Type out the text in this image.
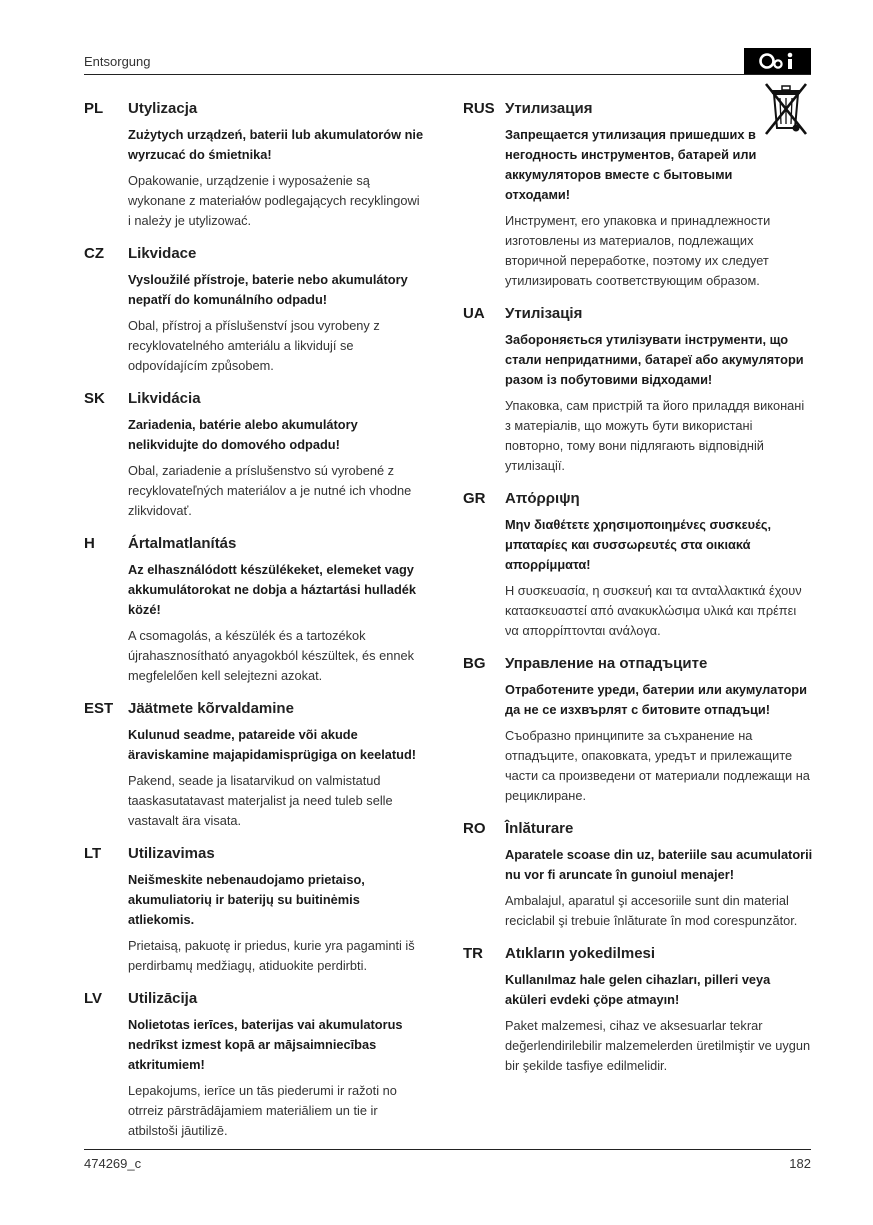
Entsorgung
PL	Utylizacja
Zużytych urządzeń, baterii lub akumulatorów nie wyrzucać do śmietnika!
Opakowanie, urządzenie i wyposażenie są wykonane z materiałów podlegających recyklingowi i należy je utylizować.
CZ	Likvidace
Vysloužilé přístroje, baterie nebo akumulátory nepatří do komunálního odpadu!
Obal, přístroj a příslušenství jsou vyrobeny z recyklovatelného amteriálu a likvidují se odpovídajícím způsobem.
SK	Likvidácia
Zariadenia, batérie alebo akumulátory nelikvidujte do domového odpadu!
Obal, zariadenie a príslušenstvo sú vyrobené z recyklovateľných materiálov a je nutné ich vhodne zlikvidovať.
H	Ártalmatlanítás
Az elhasználódott készülékeket, elemeket vagy akkumulátorokat ne dobja a háztartási hulladék közé!
A csomagolás, a készülék és a tartozékok újrahasznosítható anyagokból készültek, és ennek megfelelően kell selejtezni azokat.
EST Jäätmete kõrvaldamine
Kulunud seadme, patareide või akude äraviskamine majapidamisprügiga on keelatud!
Pakend, seade ja lisatarvikud on valmistatud taaskasutatavast materjalist ja need tuleb selle vastavalt ära visata.
LT	Utilizavimas
Neišmeskite nebenaudojamo prietaiso, akumuliatorių ir baterijų su buitinėmis atliekomis.
Prietaisą, pakuotę ir priedus, kurie yra pagaminti iš perdirbamų medžiagų, atiduokite perdirbti.
LV	Utilizācija
Nolietotas ierīces, baterijas vai akumulatorus nedrīkst izmest kopā ar mājsaimniecības atkritumiem!
Lepakojums, ierīce un tās piederumi ir ražoti no otrreiz pārstrādājamiem materiāliem un tie ir atbilstoši jāutilizē.
RUS Утилизация
Запрещается утилизация пришедших в негодность инструментов, батарей или аккумуляторов вместе с бытовыми отходами!
Инструмент, его упаковка и принадлежности изготовлены из материалов, подлежащих вторичной переработке, поэтому их следует утилизировать соответствующим образом.
UA	Утилізація
Забороняється утилізувати інструменти, що стали непридатними, батареї або акумулятори разом із побутовими відходами!
Упаковка, сам пристрій та його приладдя виконані з матеріалів, що можуть бути використані повторно, тому вони підлягають відповідній утилізації.
GR	Απόρριψη
Μην διαθέτετε χρησιμοποιημένες συσκευές, μπαταρίες και συσσωρευτές στα οικιακά απορρίμματα!
Η συσκευασία, η συσκευή και τα ανταλλακτικά έχουν κατασκευαστεί από ανακυκλώσιμα υλικά και πρέπει να απορρίπτονται ανάλογα.
BG	Управление на отпадъците
Отработените уреди, батерии или акумулатори да не се изхвърлят с битовите отпадъци!
Съобразно принципите за съхранение на отпадъците, опаковката, уредът и прилежащите части са произведени от материали подлежащи на рециклиране.
RO	Înlăturare
Aparatele scoase din uz, bateriile sau acumulatorii nu vor fi aruncate în gunoiul menajer!
Ambalajul, aparatul şi accesoriile sunt din material reciclabil şi trebuie înlăturate în mod corespunzător.
TR	Atıkların yokedilmesi
Kullanılmaz hale gelen cihazları, pilleri veya aküleri evdeki çöpe atmayın!
Paket malzemesi, cihaz ve aksesuarlar tekrar değerlendirilebilir malzemelerden üretilmiştir ve uygun bir şekilde tasfiye edilmelidir.
474269_c	182
